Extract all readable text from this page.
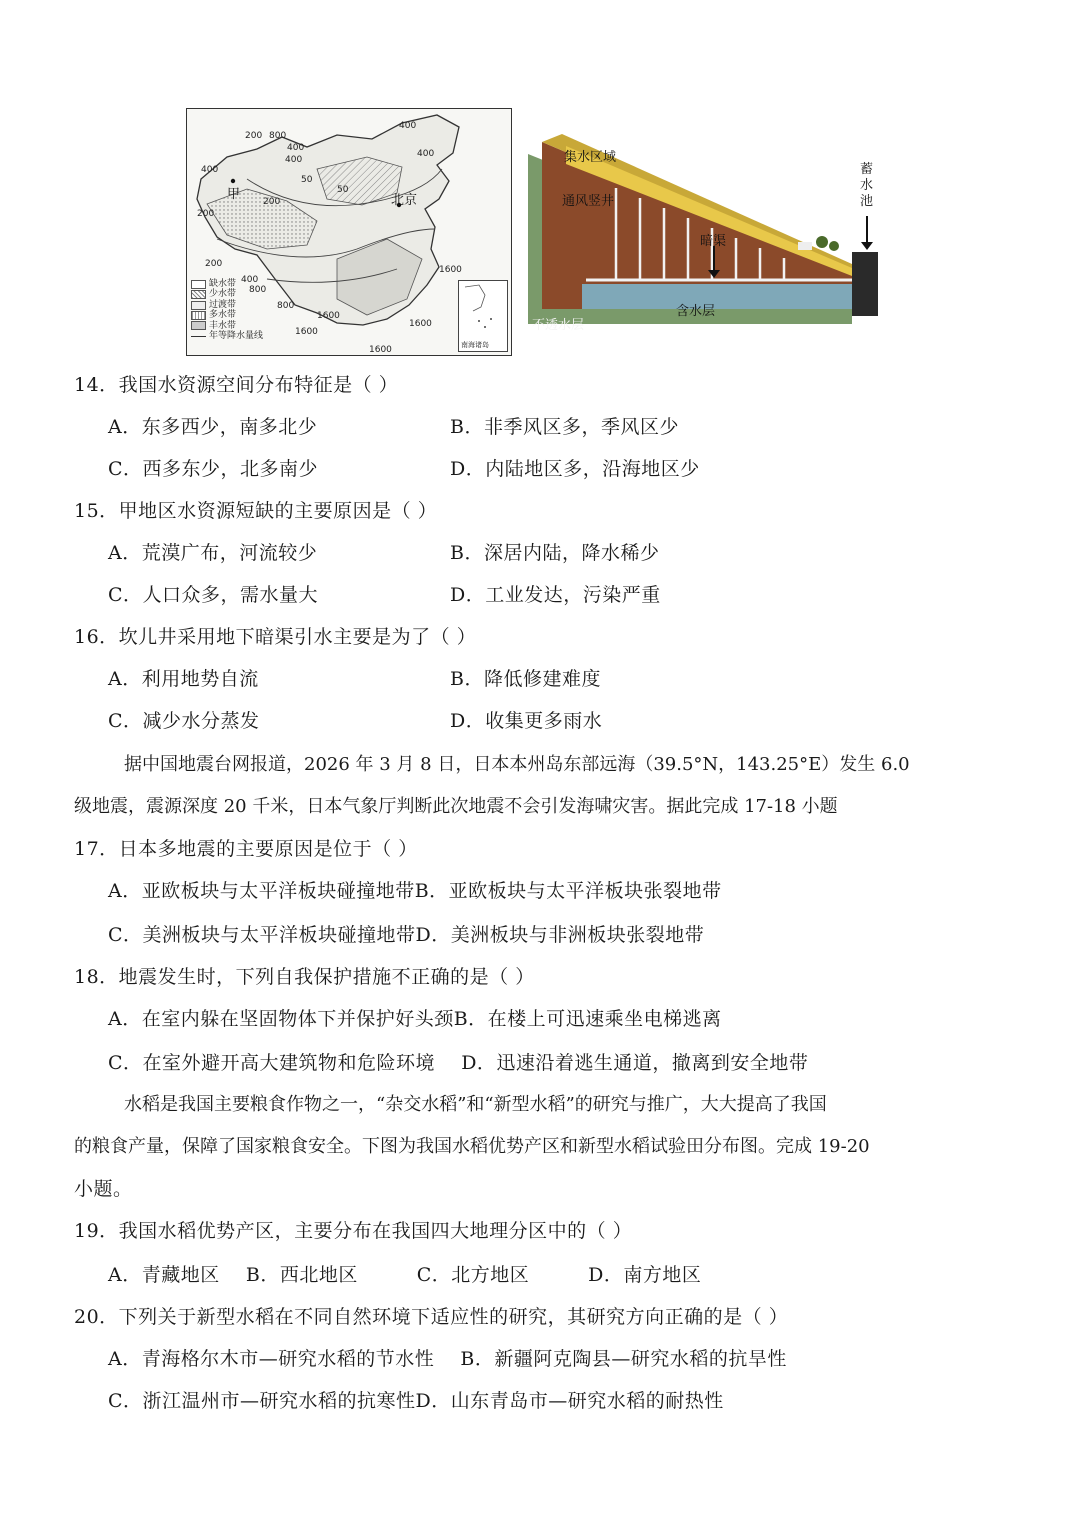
200 800
400
400
400
50
400
200
50
200
400
800
1600
800
1600
1600
1600
1600
400
200
甲	北京
缺水带
少水带
过渡带
多水带
丰水带
年等降水量线
南海诸岛
集水区域
通风竖井
暗渠
含水层
不透水层
蓄水池
14．我国水资源空间分布特征是（ ）
A．东多西少，南多北少	B．非季风区多，季风区少
C．西多东少，北多南少	D．内陆地区多，沿海地区少
15．甲地区水资源短缺的主要原因是（ ）
A．荒漠广布，河流较少	B．深居内陆，降水稀少
C．人口众多，需水量大	D．工业发达，污染严重
16．坎儿井采用地下暗渠引水主要是为了（ ）
A．利用地势自流	B．降低修建难度
C．减少水分蒸发	D．收集更多雨水
据中国地震台网报道，2026 年 3 月 8 日，日本本州岛东部远海（39.5°N，143.25°E）发生 6.0
级地震，震源深度 20 千米，日本气象厅判断此次地震不会引发海啸灾害。据此完成 17-18 小题
17．日本多地震的主要原因是位于（ ）
A．亚欧板块与太平洋板块碰撞地带B．亚欧板块与太平洋板块张裂地带
C．美洲板块与太平洋板块碰撞地带D．美洲板块与非洲板块张裂地带
18．地震发生时，下列自我保护措施不正确的是（ ）
A．在室内躲在坚固物体下并保护好头颈B．在楼上可迅速乘坐电梯逃离
C．在室外避开高大建筑物和危险环境    D．迅速沿着逃生通道，撤离到安全地带
水稻是我国主要粮食作物之一，“杂交水稻”和“新型水稻”的研究与推广，大大提高了我国
的粮食产量，保障了国家粮食安全。下图为我国水稻优势产区和新型水稻试验田分布图。完成 19-20
小题。
19．我国水稻优势产区，主要分布在我国四大地理分区中的（ ）
A．青藏地区    B．西北地区         C．北方地区         D．南方地区
20．下列关于新型水稻在不同自然环境下适应性的研究，其研究方向正确的是（ ）
A．青海格尔木市—研究水稻的节水性    B．新疆阿克陶县—研究水稻的抗旱性
C．浙江温州市—研究水稻的抗寒性D．山东青岛市—研究水稻的耐热性
